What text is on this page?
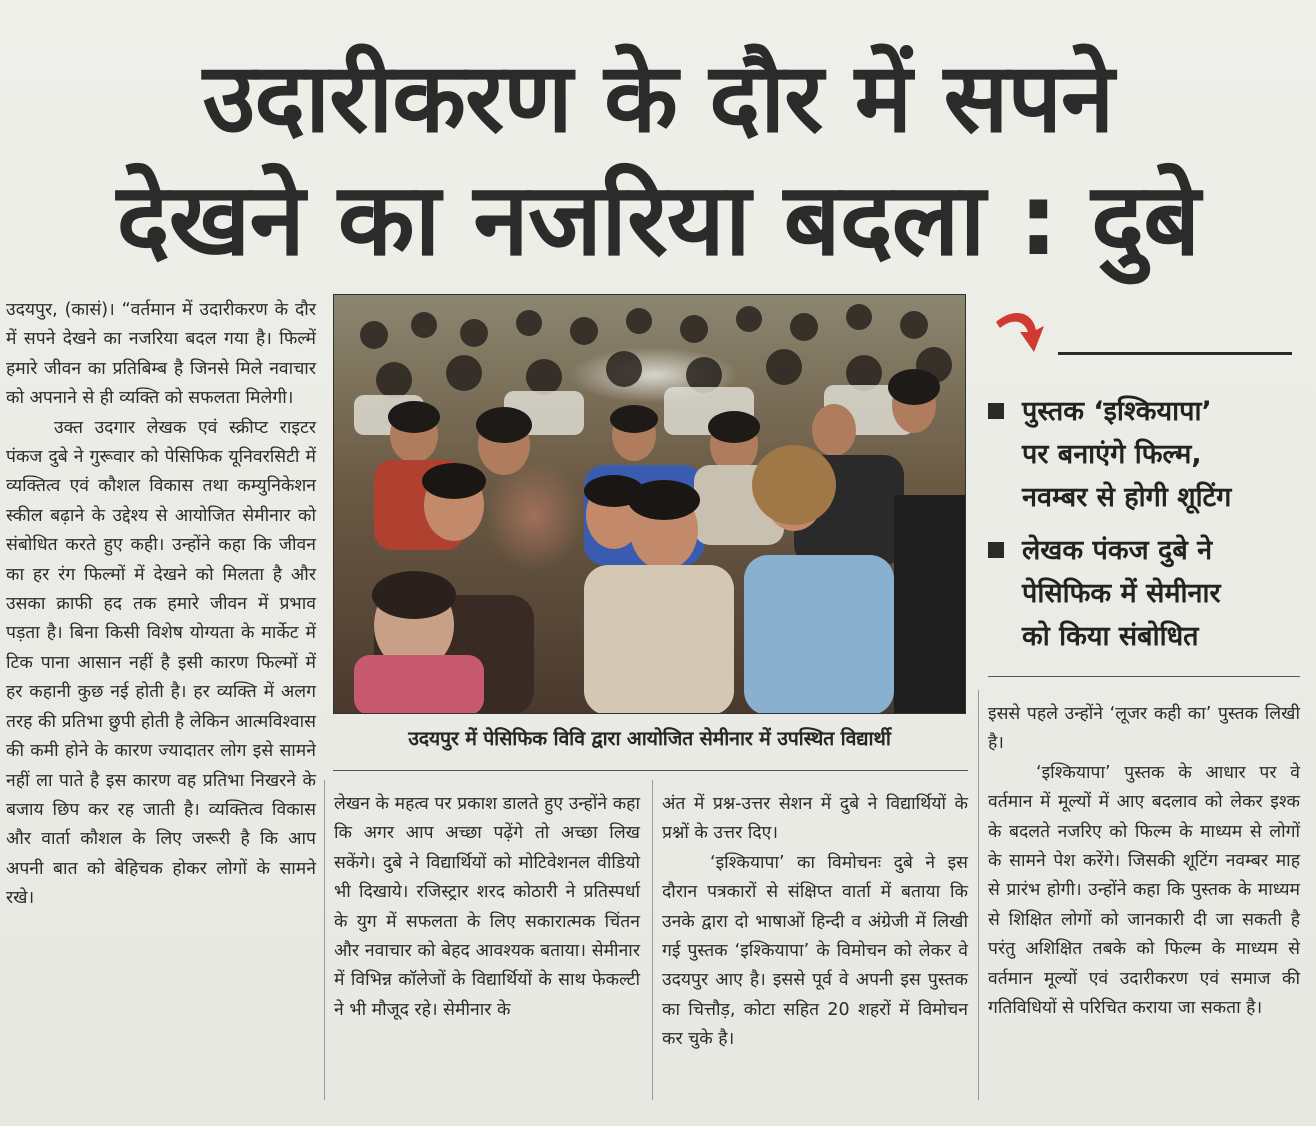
उदारीकरण के दौर में सपने
देखने का नजरिया बदला : दुबे

उदयपुर, (कासं)। “वर्तमान में उदारीकरण के दौर में सपने देखने का नजरिया बदल गया है। फिल्में हमारे जीवन का प्रतिबिम्ब है जिनसे मिले नवाचार को अपनाने से ही व्यक्ति को सफलता मिलेगी।

उक्त उदगार लेखक एवं स्क्रीप्ट राइटर पंकज दुबे ने गुरूवार को पेसिफिक यूनिवरसिटी में व्यक्तित्व एवं कौशल विकास तथा कम्युनिकेशन स्कील बढ़ाने के उद्देश्य से आयोजित सेमीनार को संबोधित करते हुए कही। उन्होंने कहा कि जीवन का हर रंग फिल्मों में देखने को मिलता है और उसका क्राफी हद तक हमारे जीवन में प्रभाव पड़ता है। बिना किसी विशेष योग्यता के मार्केट में टिक पाना आसान नहीं है इसी कारण फिल्मों में हर कहानी कुछ नई होती है। हर व्यक्ति में अलग तरह की प्रतिभा छुपी होती है लेकिन आत्मविश्वास की कमी होने के कारण ज्यादातर लोग इसे सामने नहीं ला पाते है इस कारण वह प्रतिभा निखरने के बजाय छिप कर रह जाती है। व्यक्तित्व विकास और वार्ता कौशल के लिए जरूरी है कि आप अपनी बात को बेहिचक होकर लोगों के सामने रखे।

उदयपुर में पेसिफिक विवि द्वारा आयोजित सेमीनार में उपस्थित विद्यार्थी

लेखन के महत्व पर प्रकाश डालते हुए उन्होंने कहा कि अगर आप अच्छा पढ़ेंगे तो अच्छा लिख सकेंगे। दुबे ने विद्यार्थियों को मोटिवेशनल वीडियो भी दिखाये। रजिस्ट्रार शरद कोठारी ने प्रतिस्पर्धा के युग में सफलता के लिए सकारात्मक चिंतन और नवाचार को बेहद आवश्यक बताया। सेमीनार में विभिन्न कॉलेजों के विद्यार्थियों के साथ फेकल्टी ने भी मौजूद रहे। सेमीनार के

अंत में प्रश्न-उत्तर सेशन में दुबे ने विद्यार्थियों के प्रश्नों के उत्तर दिए।

‘इश्कियापा’ का विमोचनः दुबे ने इस दौरान पत्रकारों से संक्षिप्त वार्ता में बताया कि उनके द्वारा दो भाषाओं हिन्दी व अंग्रेजी में लिखी गई पुस्तक ‘इश्कियापा’ के विमोचन को लेकर वे उदयपुर आए है। इससे पूर्व वे अपनी इस पुस्तक का चित्तौड़, कोटा सहित 20 शहरों में विमोचन कर चुके है।

पुस्तक ‘इश्कियापा’
पर बनाएंगे फिल्म,
नवम्बर से होगी शूटिंग
लेखक पंकज दुबे ने
पेसिफिक में सेमीनार
को किया संबोधित

इससे पहले उन्होंने ‘लूजर कही का’ पुस्तक लिखी है।

‘इश्कियापा’ पुस्तक के आधार पर वे वर्तमान में मूल्यों में आए बदलाव को लेकर इश्क के बदलते नजरिए को फिल्म के माध्यम से लोगों के सामने पेश करेंगे। जिसकी शूटिंग नवम्बर माह से प्रारंभ होगी। उन्होंने कहा कि पुस्तक के माध्यम से शिक्षित लोगों को जानकारी दी जा सकती है परंतु अशिक्षित तबके को फिल्म के माध्यम से वर्तमान मूल्यों एवं उदारीकरण एवं समाज की गतिविधियों से परिचित कराया जा सकता है।
